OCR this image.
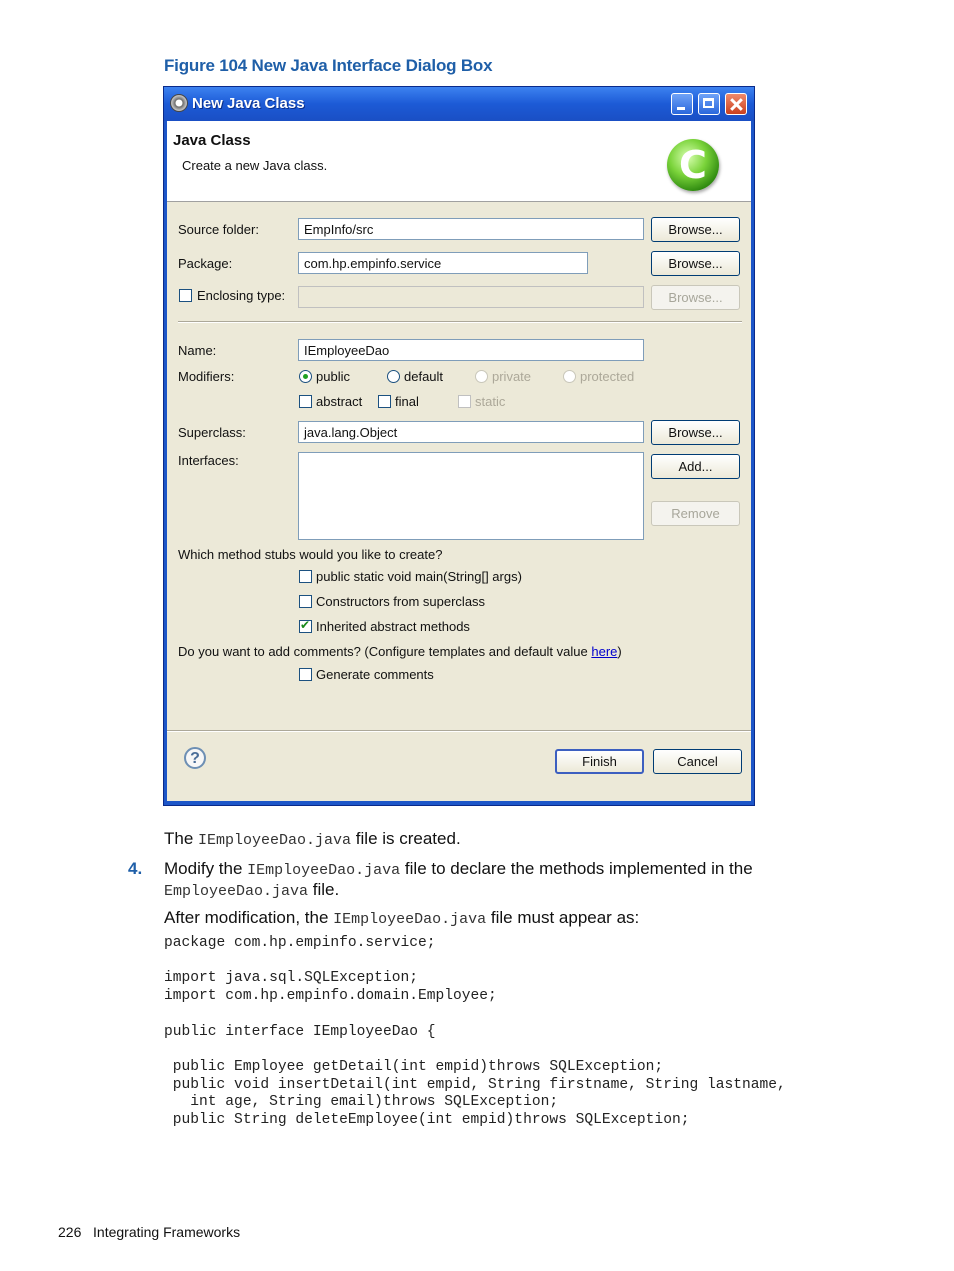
Figure 104 New Java Interface Dialog Box
New Java Class
Java Class
Create a new Java class.
C
Source folder:	EmpInfo/src	Browse...
Package:	com.hp.empinfo.service	Browse...
Enclosing type:	Browse...
Name:	IEmployeeDao
Modifiers:	public	default	private	protected
abstract	final	static
Superclass:	java.lang.Object	Browse...
Interfaces:	Add...
Remove
Which method stubs would you like to create?
public static void main(String[] args)
Constructors from superclass
✔
Inherited abstract methods
Do you want to add comments? (Configure templates and default value here)
Generate comments
?	Finish	Cancel
The IEmployeeDao.java file is created.
4. Modify the IEmployeeDao.java file to declare the methods implemented in the
EmployeeDao.java file.
After modification, the IEmployeeDao.java file must appear as:
package com.hp.empinfo.service;

import java.sql.SQLException;
import com.hp.empinfo.domain.Employee;

public interface IEmployeeDao {

public Employee getDetail(int empid)throws SQLException;
public void insertDetail(int empid, String firstname, String lastname,
int age, String email)throws SQLException;
public String deleteEmployee(int empid)throws SQLException;
226 Integrating Frameworks
